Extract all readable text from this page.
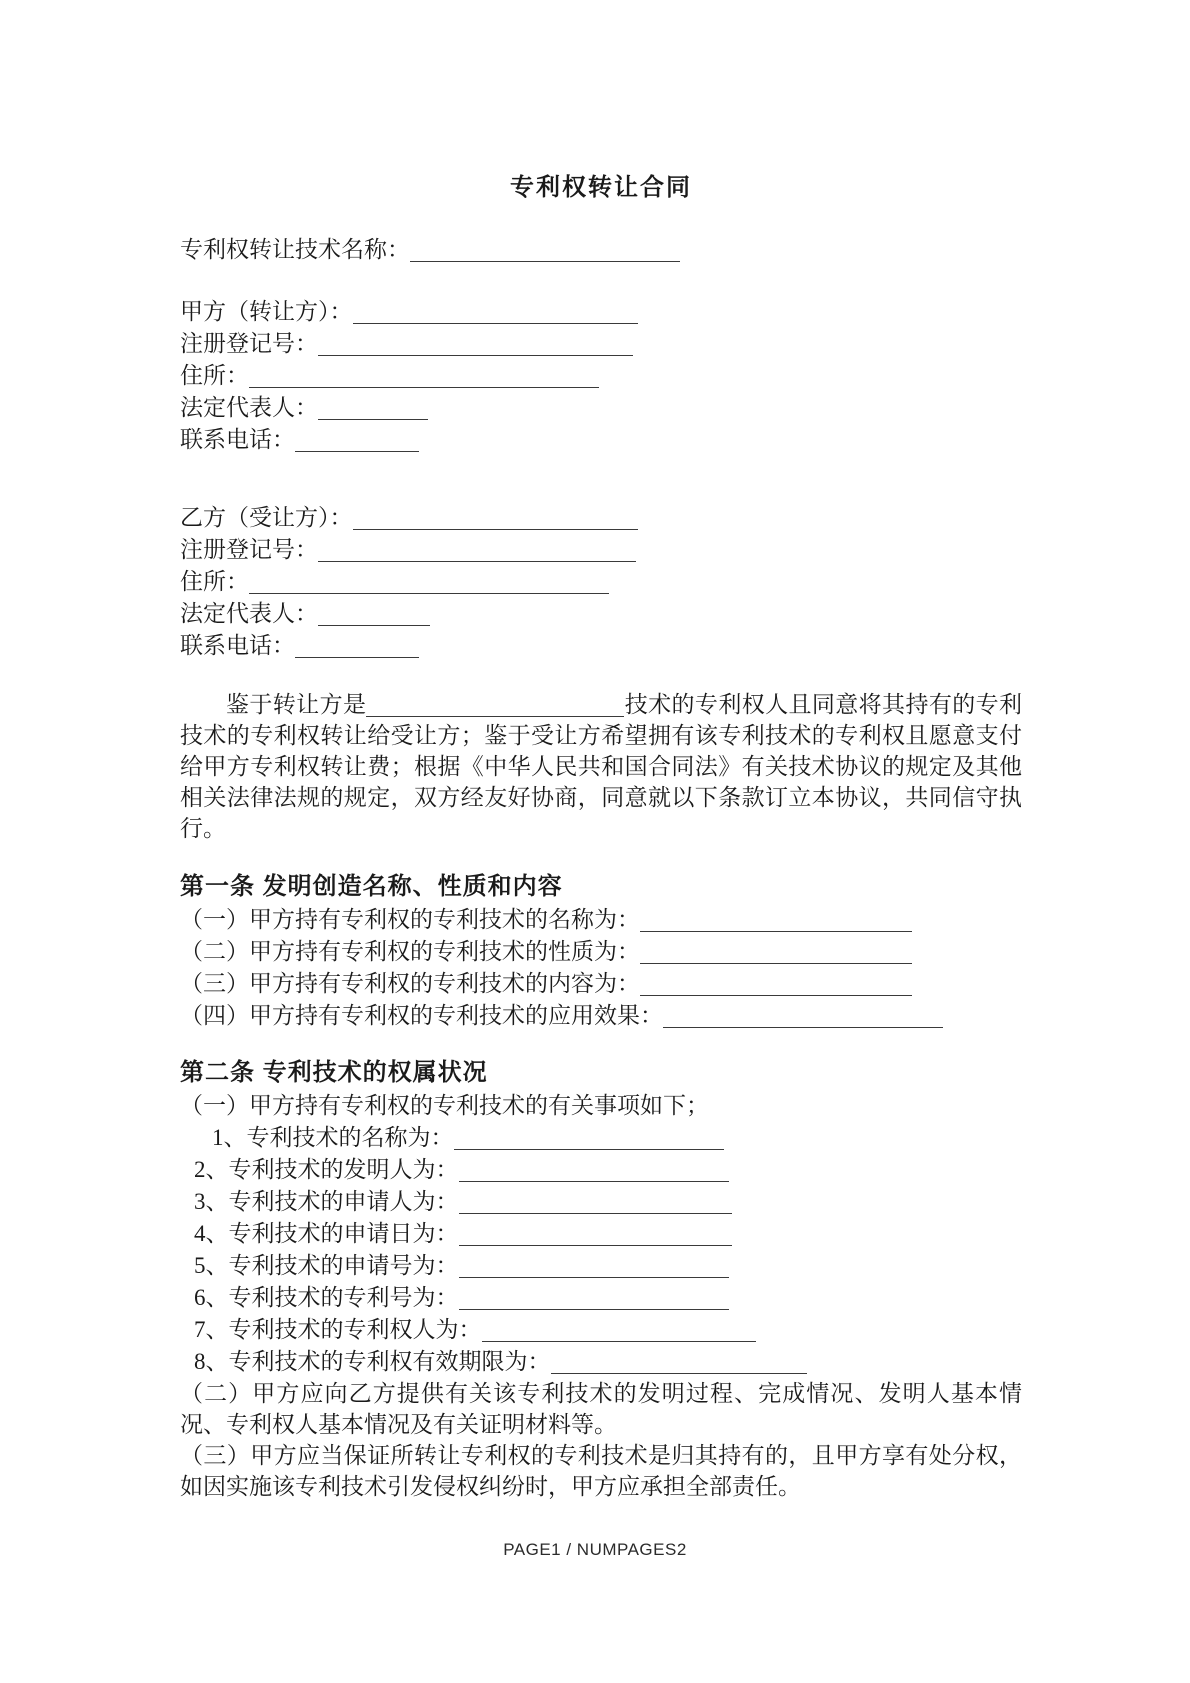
专利权转让合同
专利权转让技术名称：
甲方（转让方）：
注册登记号：
住所：
法定代表人：
联系电话：
乙方（受让方）：
注册登记号：
住所：
法定代表人：
联系电话：

鉴于转让方是	技术的专利权人且同意将其持有的专利技术的专利权转让给受让方；鉴于受让方希望拥有该专利技术的专利权且愿意支付给甲方专利权转让费；根据《中华人民共和国合同法》有关技术协议的规定及其他相关法律法规的规定，双方经友好协商，同意就以下条款订立本协议，共同信守执行。

第一条 发明创造名称、性质和内容
（一）甲方持有专利权的专利技术的名称为：
（二）甲方持有专利权的专利技术的性质为：
（三）甲方持有专利权的专利技术的内容为：
（四）甲方持有专利权的专利技术的应用效果：
第二条 专利技术的权属状况
（一）甲方持有专利权的专利技术的有关事项如下；
1、专利技术的名称为：
2、专利技术的发明人为：
3、专利技术的申请人为：
4、专利技术的申请日为：
5、专利技术的申请号为：
6、专利技术的专利号为：
7、专利技术的专利权人为：
8、专利技术的专利权有效期限为：

（二）甲方应向乙方提供有关该专利技术的发明过程、完成情况、发明人基本情况、专利权人基本情况及有关证明材料等。

（三）甲方应当保证所转让专利权的专利技术是归其持有的，且甲方享有处分权，如因实施该专利技术引发侵权纠纷时，甲方应承担全部责任。

PAGE1 / NUMPAGES2
